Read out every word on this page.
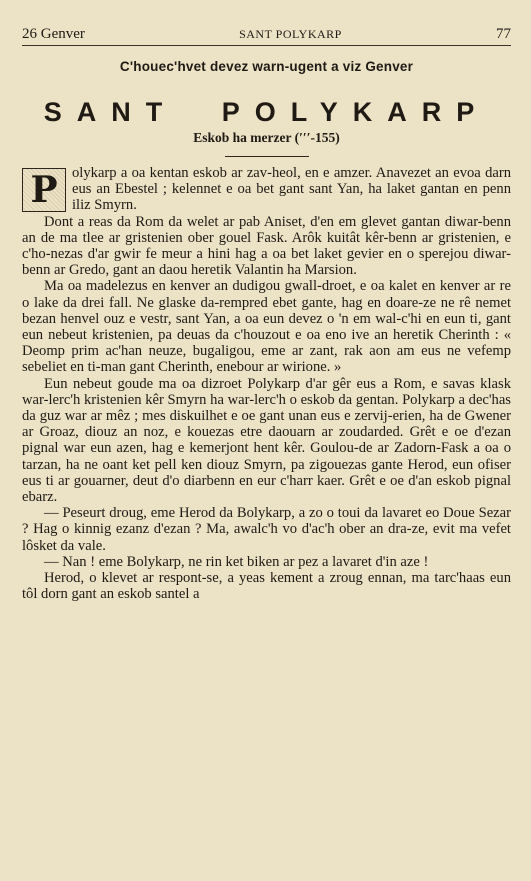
26 Genver	SANT POLYKARP	77
C'houec'hvet devez warn-ugent a viz Genver
SANT POLYKARP
Eskob ha merzer (′′′-155)

P olykarp a oa kentan eskob ar zav-heol, en e amzer. Anavezet an evoa darn eus an Ebestel ; kelennet e oa bet gant sant Yan, ha laket gantan en penn iliz Smyrn.

Dont a reas da Rom da welet ar pab Aniset, d'en em glevet gantan diwar-benn an de ma tlee ar gristenien ober gouel Fask. Arôk kuitât kêr-benn ar gristenien, e c'ho-nezas d'ar gwir fe meur a hini hag a oa bet laket gevier en o sperejou diwar-benn ar Gredo, gant an daou heretik Valantin ha Marsion.

Ma oa madelezus en kenver an dudigou gwall-droet, e oa kalet en kenver ar re o lake da drei fall. Ne glaske da-rempred ebet gante, hag en doare-ze ne rê nemet bezan henvel ouz e vestr, sant Yan, a oa eun devez o 'n em wal-c'hi en eun ti, gant eun nebeut kristenien, pa deuas da c'houzout e oa eno ive an heretik Cherinth : « Deomp prim ac'han neuze, bugaligou, eme ar zant, rak aon am eus ne vefemp sebeliet en ti-man gant Cherinth, enebour ar wirione. »

Eun nebeut goude ma oa dizroet Polykarp d'ar gêr eus a Rom, e savas klask war-lerc'h kristenien kêr Smyrn ha war-lerc'h o eskob da gentan. Polykarp a dec'has da guz war ar mêz ; mes diskuilhet e oe gant unan eus e zervij-erien, ha de Gwener ar Groaz, diouz an noz, e kouezas etre daouarn ar zoudarded. Grêt e oe d'ezan pignal war eun azen, hag e kemerjont hent kêr. Goulou-de ar Zadorn-Fask a oa o tarzan, ha ne oant ket pell ken diouz Smyrn, pa zigouezas gante Herod, eun ofiser eus ti ar gouarner, deut d'o diarbenn en eur c'harr kaer. Grêt e oe d'an eskob pignal ebarz.

— Peseurt droug, eme Herod da Bolykarp, a zo o toui da lavaret eo Doue Sezar ? Hag o kinnig ezanz d'ezan ? Ma, awalc'h vo d'ac'h ober an dra-ze, evit ma vefet lôsket da vale.

— Nan ! eme Bolykarp, ne rin ket biken ar pez a lavaret d'in aze !

Herod, o klevet ar respont-se, a yeas kement a zroug ennan, ma tarc'haas eun tôl dorn gant an eskob santel a
